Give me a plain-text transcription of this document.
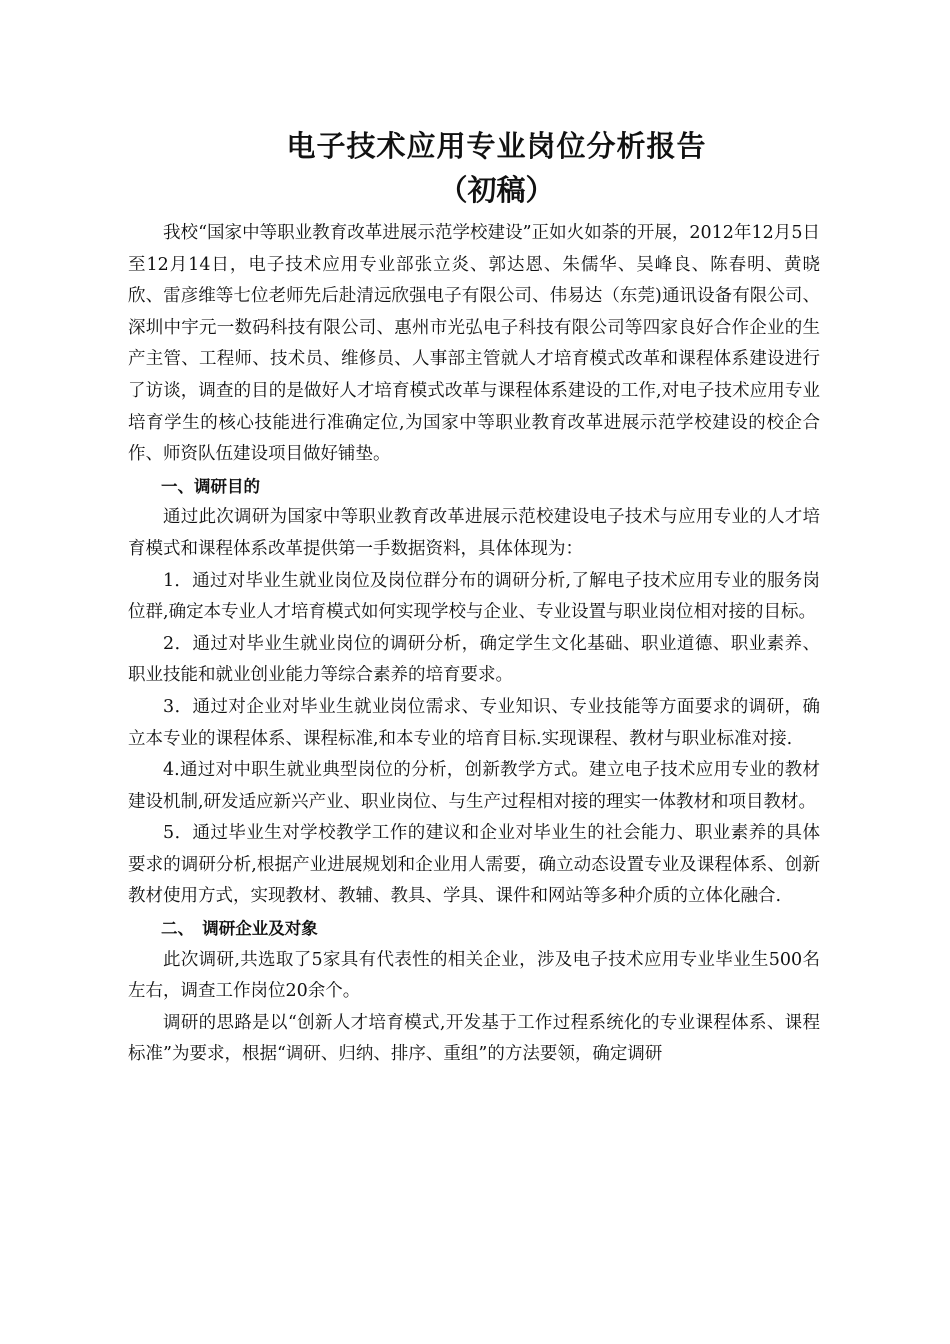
电子技术应用专业岗位分析报告
（初稿）

我校“国家中等职业教育改革进展示范学校建设”正如火如荼的开展，2012年12月5日至12月14日，电子技术应用专业部张立炎、郭达恩、朱儒华、吴峰良、陈春明、黄晓欣、雷彦维等七位老师先后赴清远欣强电子有限公司、伟易达（东莞)通讯设备有限公司、深圳中宇元一数码科技有限公司、惠州市光弘电子科技有限公司等四家良好合作企业的生产主管、工程师、技术员、维修员、人事部主管就人才培育模式改革和课程体系建设进行了访谈，调查的目的是做好人才培育模式改革与课程体系建设的工作,对电子技术应用专业培育学生的核心技能进行准确定位,为国家中等职业教育改革进展示范学校建设的校企合作、师资队伍建设项目做好铺垫。

一、调研目的

通过此次调研为国家中等职业教育改革进展示范校建设电子技术与应用专业的人才培育模式和课程体系改革提供第一手数据资料，具体体现为：

1．通过对毕业生就业岗位及岗位群分布的调研分析,了解电子技术应用专业的服务岗位群,确定本专业人才培育模式如何实现学校与企业、专业设置与职业岗位相对接的目标。

2．通过对毕业生就业岗位的调研分析，确定学生文化基础、职业道德、职业素养、职业技能和就业创业能力等综合素养的培育要求。

3．通过对企业对毕业生就业岗位需求、专业知识、专业技能等方面要求的调研，确立本专业的课程体系、课程标准,和本专业的培育目标.实现课程、教材与职业标准对接.

4.通过对中职生就业典型岗位的分析，创新教学方式。建立电子技术应用专业的教材建设机制,研发适应新兴产业、职业岗位、与生产过程相对接的理实一体教材和项目教材。

5．通过毕业生对学校教学工作的建议和企业对毕业生的社会能力、职业素养的具体要求的调研分析,根据产业进展规划和企业用人需要，确立动态设置专业及课程体系、创新教材使用方式，实现教材、教辅、教具、学具、课件和网站等多种介质的立体化融合.

二、　调研企业及对象

此次调研,共选取了5家具有代表性的相关企业，涉及电子技术应用专业毕业生500名左右，调查工作岗位20余个。

调研的思路是以“创新人才培育模式,开发基于工作过程系统化的专业课程体系、课程标准”为要求，根据“调研、归纳、排序、重组”的方法要领，确定调研
